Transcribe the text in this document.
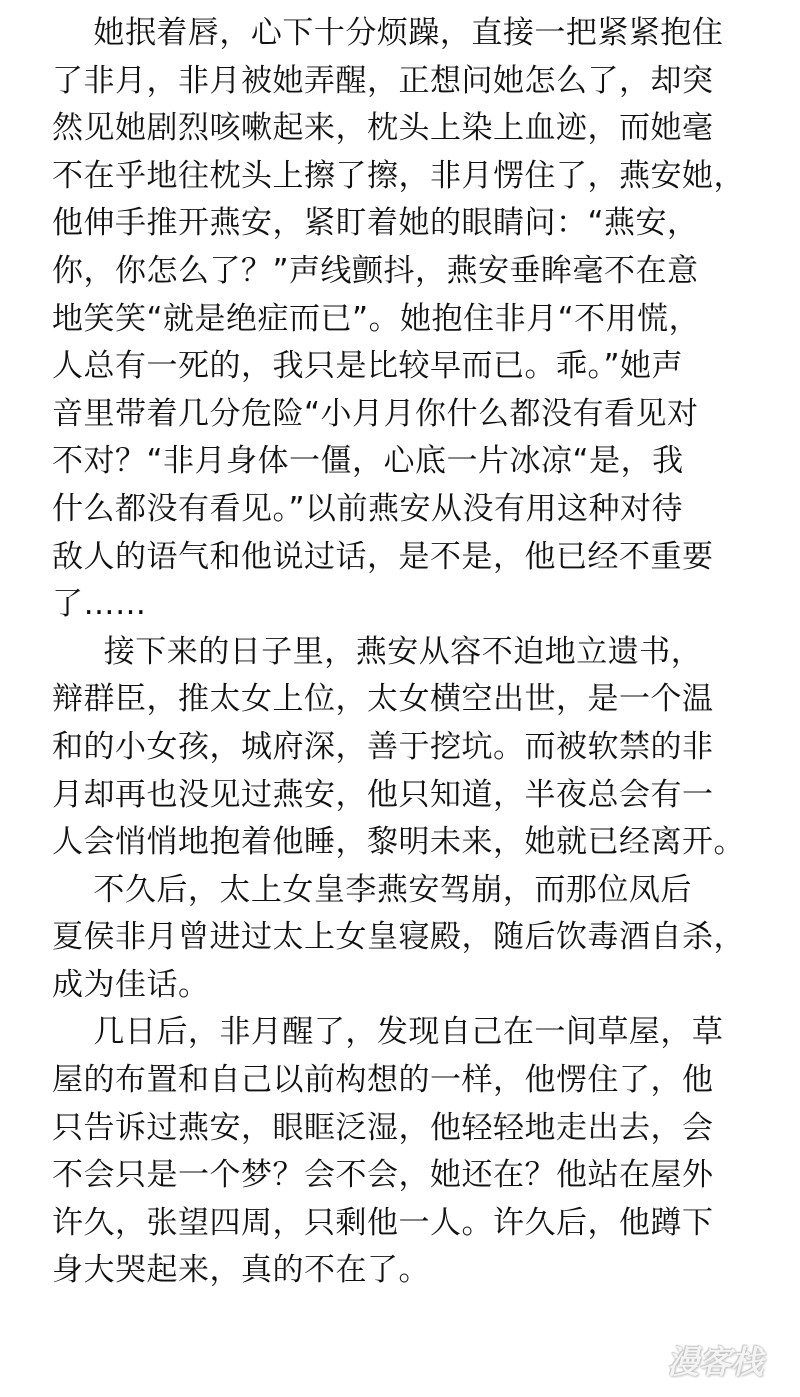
她抿着唇，心下十分烦躁，直接一把紧紧抱住
了非月，非月被她弄醒，正想问她怎么了，却突
然见她剧烈咳嗽起来，枕头上染上血迹，而她毫
不在乎地往枕头上擦了擦，非月愣住了，燕安她，
他伸手推开燕安，紧盯着她的眼睛问：“燕安，
你，你怎么了？”声线颤抖，燕安垂眸毫不在意
地笑笑“就是绝症而已”。她抱住非月“不用慌，
人总有一死的，我只是比较早而已。乖。”她声
音里带着几分危险“小月月你什么都没有看见对
不对？“非月身体一僵，心底一片冰凉“是，我
什么都没有看见。”以前燕安从没有用这种对待
敌人的语气和他说过话，是不是，他已经不重要
了……
接下来的日子里，燕安从容不迫地立遗书，
辩群臣，推太女上位，太女横空出世，是一个温
和的小女孩，城府深，善于挖坑。而被软禁的非
月却再也没见过燕安，他只知道，半夜总会有一
人会悄悄地抱着他睡，黎明未来，她就已经离开。
不久后，太上女皇李燕安驾崩，而那位凤后
夏侯非月曾进过太上女皇寝殿，随后饮毒酒自杀，
成为佳话。
几日后，非月醒了，发现自己在一间草屋，草
屋的布置和自己以前构想的一样，他愣住了，他
只告诉过燕安，眼眶泛湿，他轻轻地走出去，会
不会只是一个梦？会不会，她还在？他站在屋外
许久，张望四周，只剩他一人。许久后，他蹲下
身大哭起来，真的不在了。
漫客栈
